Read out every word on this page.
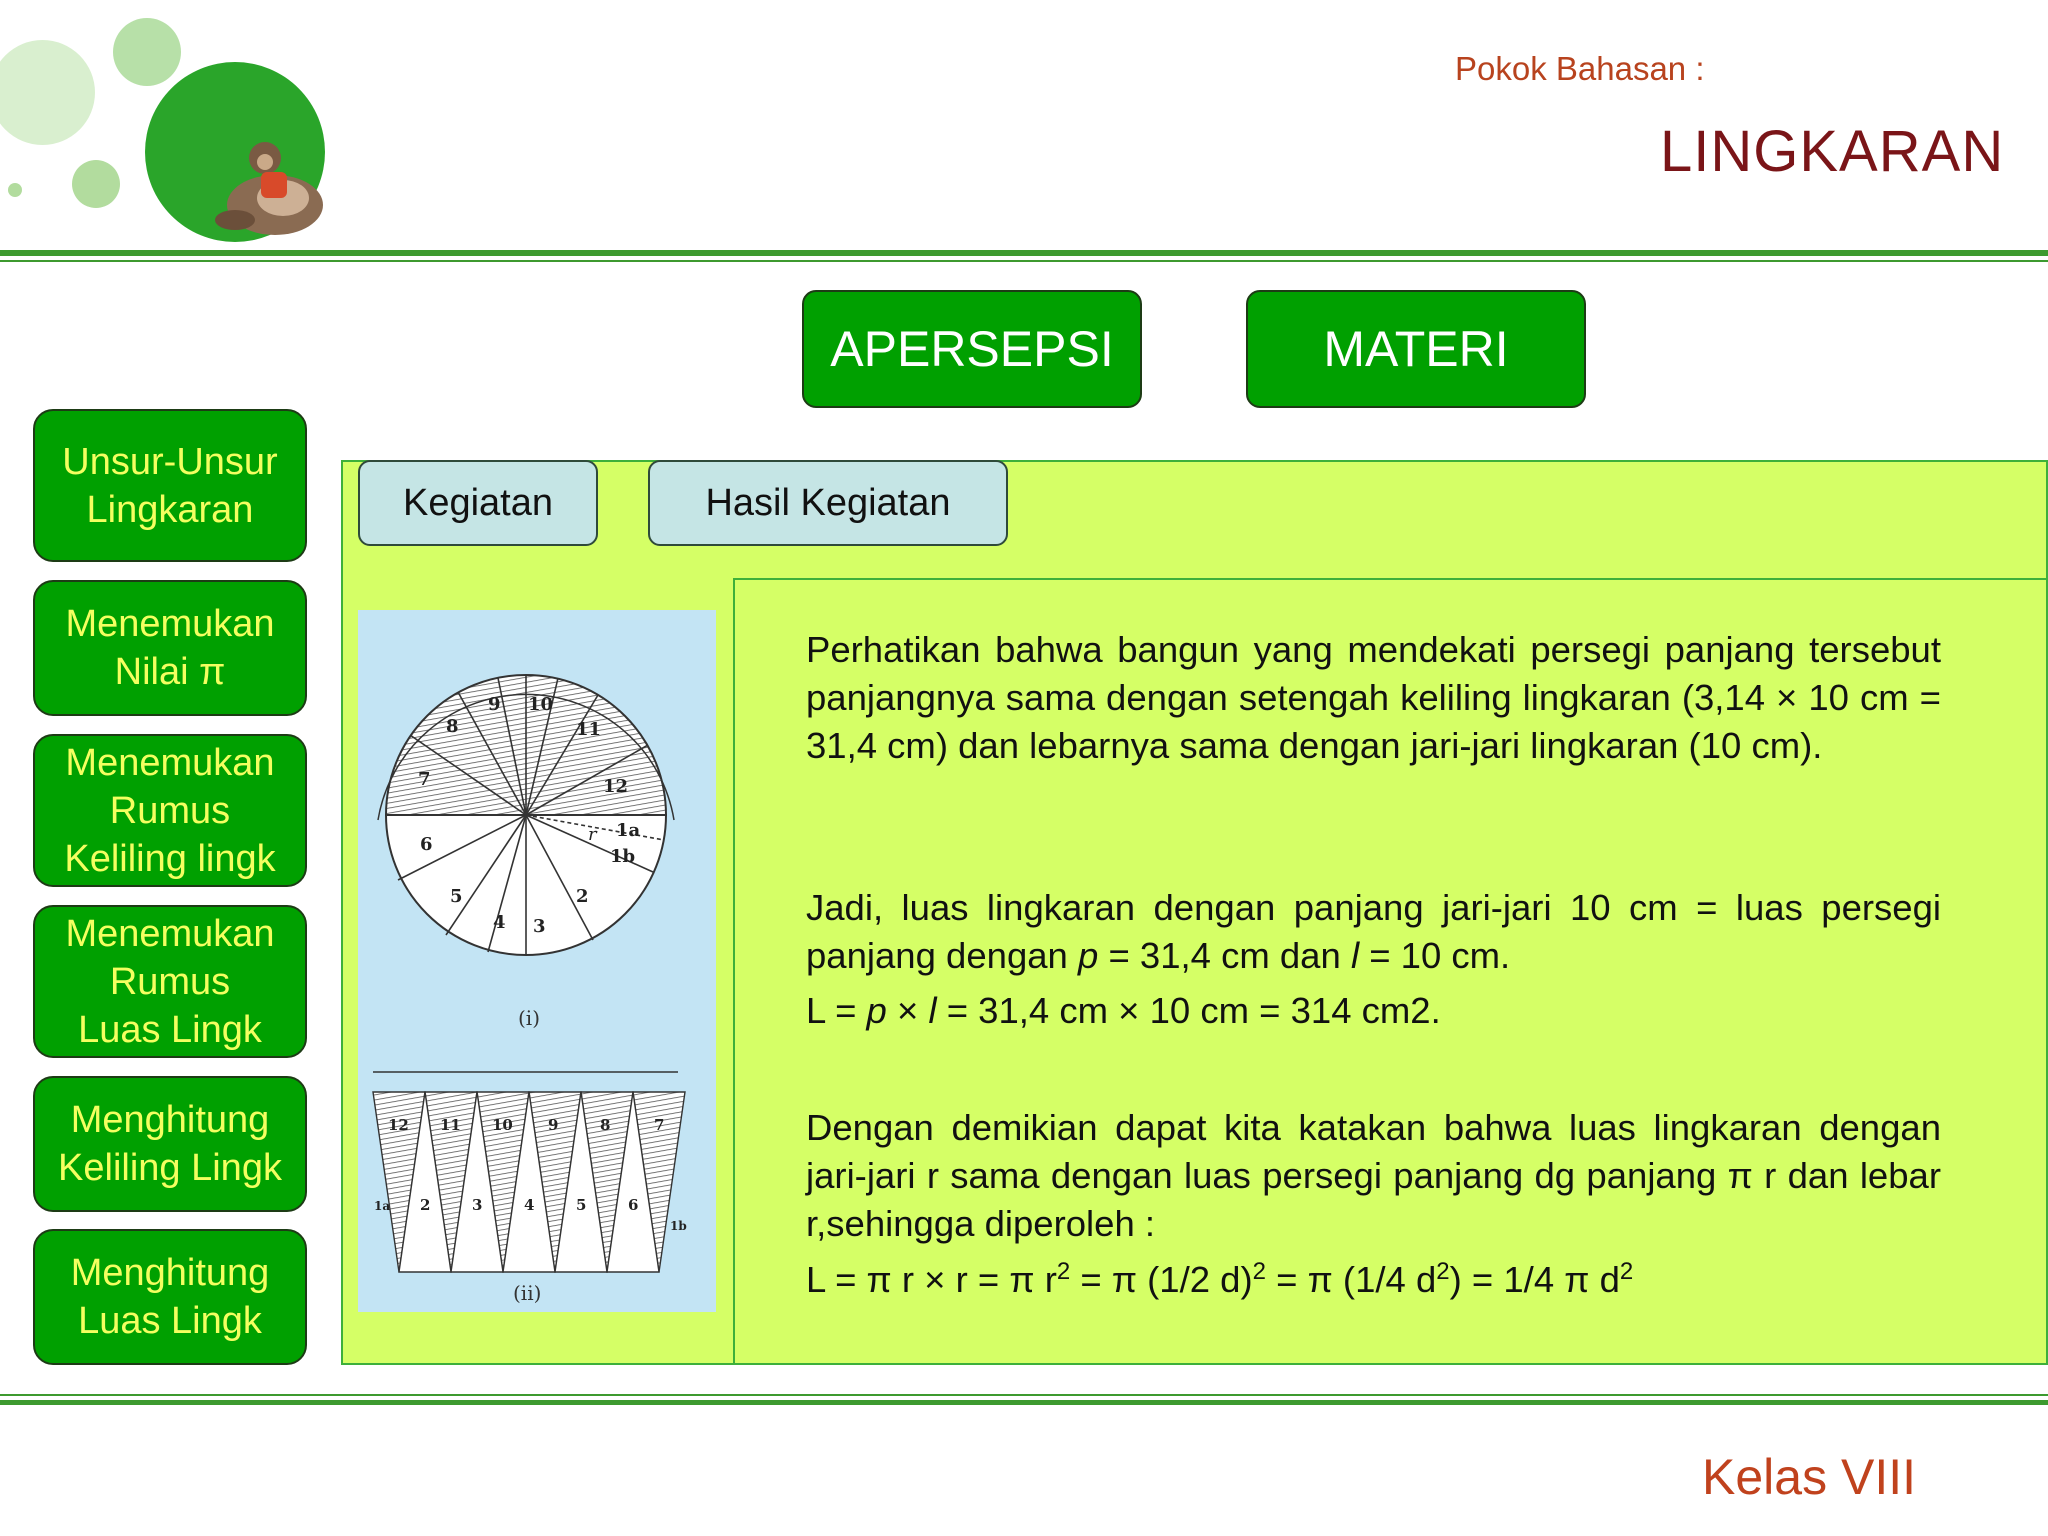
Pokok Bahasan :
LINGKARAN
APERSEPSI	MATERI
Unsur-Unsur
Lingkaran
Menemukan
Nilai π
Menemukan
Rumus
Keliling lingk
Menemukan
Rumus
Luas Lingk
Menghitung
Keliling Lingk
Menghitung
Luas Lingk
Kegiatan	Hasil Kegiatan
7
8
9 10
11
12
6
5
4 3
2
1a
1b
r
(i)
12 11 10 9	8	7
2	3	4	5	6
1a
1b
(ii)
Perhatikan bahwa bangun yang mendekati persegi panjang tersebut panjangnya sama dengan setengah keliling lingkaran (3,14 × 10 cm = 31,4 cm) dan lebarnya sama dengan jari-jari lingkaran (10 cm).
Jadi, luas lingkaran dengan panjang jari-jari 10 cm = luas persegi panjang dengan p = 31,4 cm dan l = 10 cm.
L = p × l = 31,4 cm × 10 cm = 314 cm2.
Dengan demikian dapat kita katakan bahwa luas lingkaran dengan jari-jari r sama dengan luas persegi panjang dg panjang π r dan lebar r,sehingga diperoleh :
L = π r × r = π $r^2 = \pi$ (1/2 d)$^2$ = π (1/4 $d^2) = 1/4$ π $d^2$
Kelas VIII
